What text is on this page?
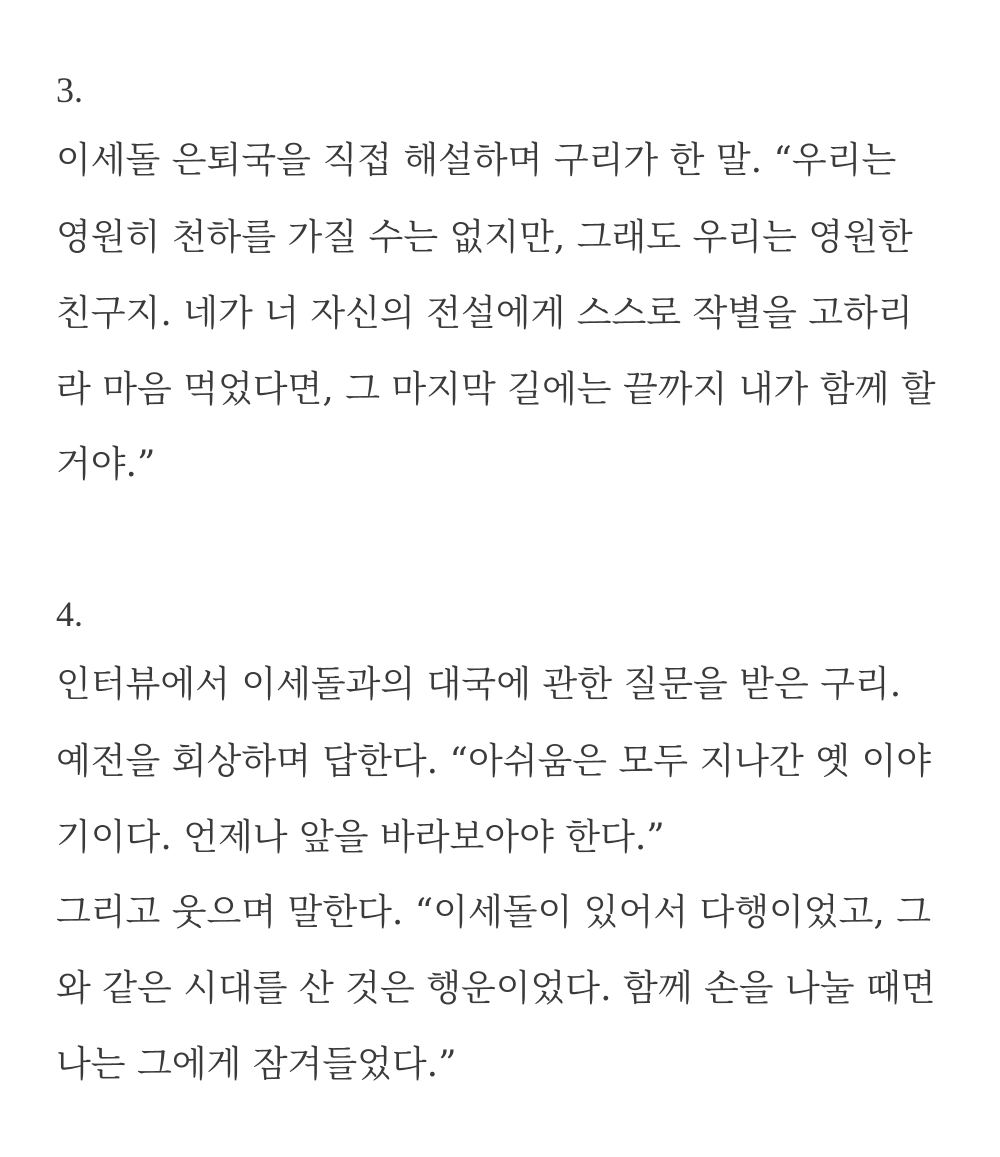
3.

이세돌 은퇴국을 직접 해설하며 구리가 한 말. “우리는

영원히 천하를 가질 수는 없지만, 그래도 우리는 영원한

친구지. 네가 너 자신의 전설에게 스스로 작별을 고하리

라 마음 먹었다면, 그 마지막 길에는 끝까지 내가 함께 할

거야.”

4.

인터뷰에서 이세돌과의 대국에 관한 질문을 받은 구리.

예전을 회상하며 답한다. “아쉬움은 모두 지나간 옛 이야

기이다. 언제나 앞을 바라보아야 한다.”

그리고 웃으며 말한다. “이세돌이 있어서 다행이었고, 그

와 같은 시대를 산 것은 행운이었다. 함께 손을 나눌 때면

나는 그에게 잠겨들었다.”
